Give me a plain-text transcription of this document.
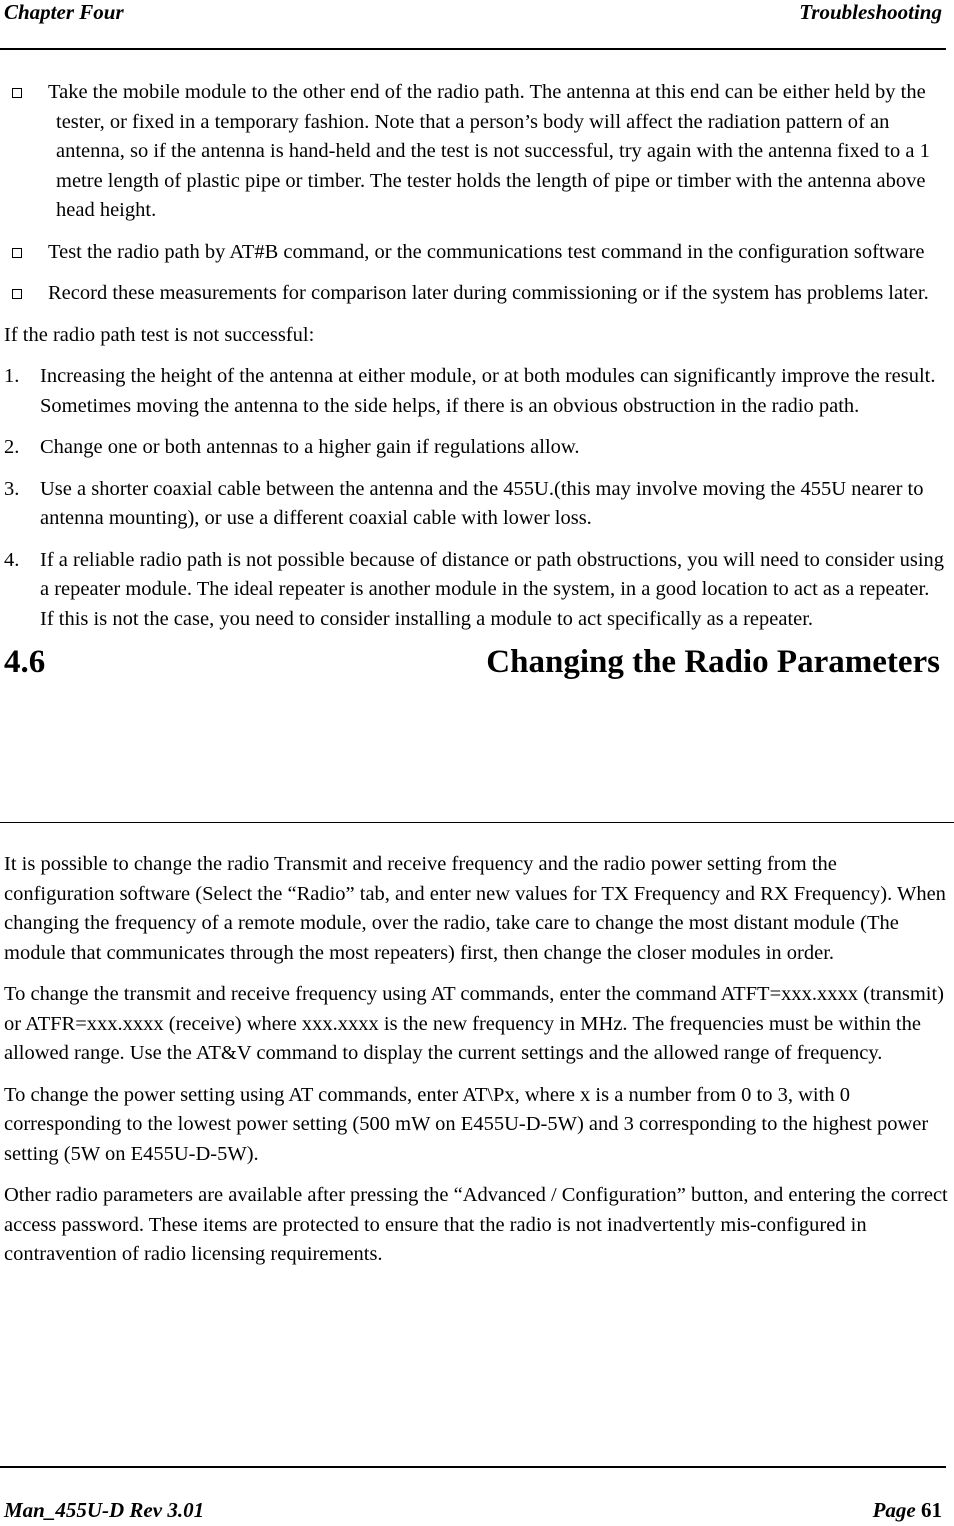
Chapter Four	Troubleshooting
Take the mobile module to the other end of the radio path. The antenna at this end can be either held by the tester, or fixed in a temporary fashion. Note that a person’s body will affect the radiation pattern of an antenna, so if the antenna is hand-held and the test is not successful, try again with the antenna fixed to a 1 metre length of plastic pipe or timber. The tester holds the length of pipe or timber with the antenna above head height.
Test the radio path by AT#B command, or the communications test command in the configuration software
Record these measurements for comparison later during commissioning or if the system has problems later.

If the radio path test is not successful:

1. Increasing the height of the antenna at either module, or at both modules can significantly improve the result. Sometimes moving the antenna to the side helps, if there is an obvious obstruction in the radio path.
2. Change one or both antennas to a higher gain if regulations allow.
3. Use a shorter coaxial cable between the antenna and the 455U.(this may involve moving the 455U nearer to antenna mounting), or use a different coaxial cable with lower loss.
4. If a reliable radio path is not possible because of distance or path obstructions, you will need to consider using a repeater module. The ideal repeater is another module in the system, in a good location to act as a repeater. If this is not the case, you need to consider installing a module to act specifically as a repeater.
4.6	Changing the Radio Parameters

It is possible to change the radio Transmit and receive frequency and the radio power setting from the configuration software (Select the “Radio” tab, and enter new values for TX Frequency and RX Frequency). When changing the frequency of a remote module, over the radio, take care to change the most distant module (The module that communicates through the most repeaters) first, then change the closer modules in order.

To change the transmit and receive frequency using AT commands, enter the command ATFT=xxx.xxxx (transmit) or ATFR=xxx.xxxx (receive) where xxx.xxxx is the new frequency in MHz. The frequencies must be within the allowed range. Use the AT&V command to display the current settings and the allowed range of frequency.

To change the power setting using AT commands, enter AT\Px, where x is a number from 0 to 3, with 0 corresponding to the lowest power setting (500 mW on E455U-D-5W) and 3 corresponding to the highest power setting (5W on E455U-D-5W).

Other radio parameters are available after pressing the “Advanced / Configuration” button, and entering the correct access password. These items are protected to ensure that the radio is not inadvertently mis-configured in contravention of radio licensing requirements.

Man_455U-D Rev 3.01	Page 61
